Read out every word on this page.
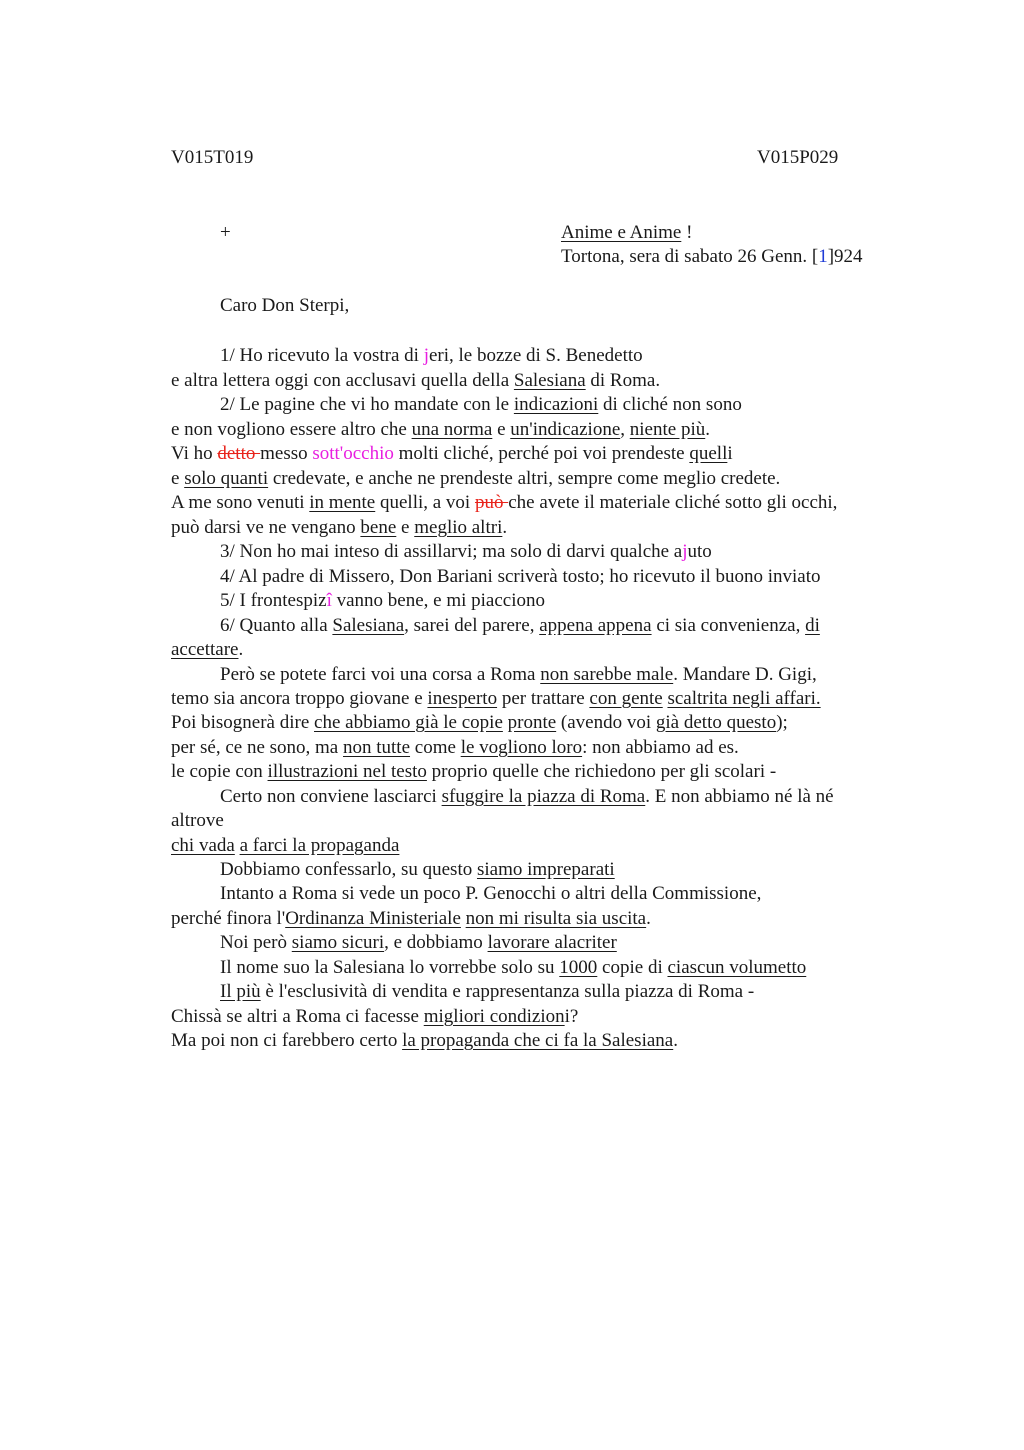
V015T019	V015P029
+	Anime e Anime !
Tortona, sera di sabato 26 Genn. [1]924
Caro Don Sterpi,
1/ Ho ricevuto la vostra di jeri, le bozze di S. Benedetto
e altra lettera oggi con acclusavi quella della Salesiana di Roma.
2/ Le pagine che vi ho mandate con le indicazioni di cliché non sono
e non vogliono essere altro che una norma e un'indicazione, niente più.
Vi ho detto messo sott'occhio molti cliché, perché poi voi prendeste quelli
e solo quanti credevate, e anche ne prendeste altri, sempre come meglio credete.
A me sono venuti in mente quelli, a voi può che avete il materiale cliché sotto gli occhi,
può darsi ve ne vengano bene e meglio altri.
3/ Non ho mai inteso di assillarvi; ma solo di darvi qualche ajuto
4/ Al padre di Missero, Don Bariani scriverà tosto; ho ricevuto il buono inviato
5/ I frontespizî vanno bene, e mi piacciono
6/ Quanto alla Salesiana, sarei del parere, appena appena ci sia convenienza, di
accettare.
Però se potete farci voi una corsa a Roma non sarebbe male. Mandare D. Gigi,
temo sia ancora troppo giovane e inesperto per trattare con gente scaltrita negli affari.
Poi bisognerà dire che abbiamo già le copie pronte (avendo voi già detto questo);
per sé, ce ne sono, ma non tutte come le vogliono loro: non abbiamo ad es.
le copie con illustrazioni nel testo proprio quelle che richiedono per gli scolari -
Certo non conviene lasciarci sfuggire la piazza di Roma. E non abbiamo né là né
altrove
chi vada a farci la propaganda
Dobbiamo confessarlo, su questo siamo impreparati
Intanto a Roma si vede un poco P. Genocchi o altri della Commissione,
perché finora l'Ordinanza Ministeriale non mi risulta sia uscita.
Noi però siamo sicuri, e dobbiamo lavorare alacriter
Il nome suo la Salesiana lo vorrebbe solo su 1000 copie di ciascun volumetto
Il più è l'esclusività di vendita e rappresentanza sulla piazza di Roma -
Chissà se altri a Roma ci facesse migliori condizioni?
Ma poi non ci farebbero certo la propaganda che ci fa la Salesiana.
